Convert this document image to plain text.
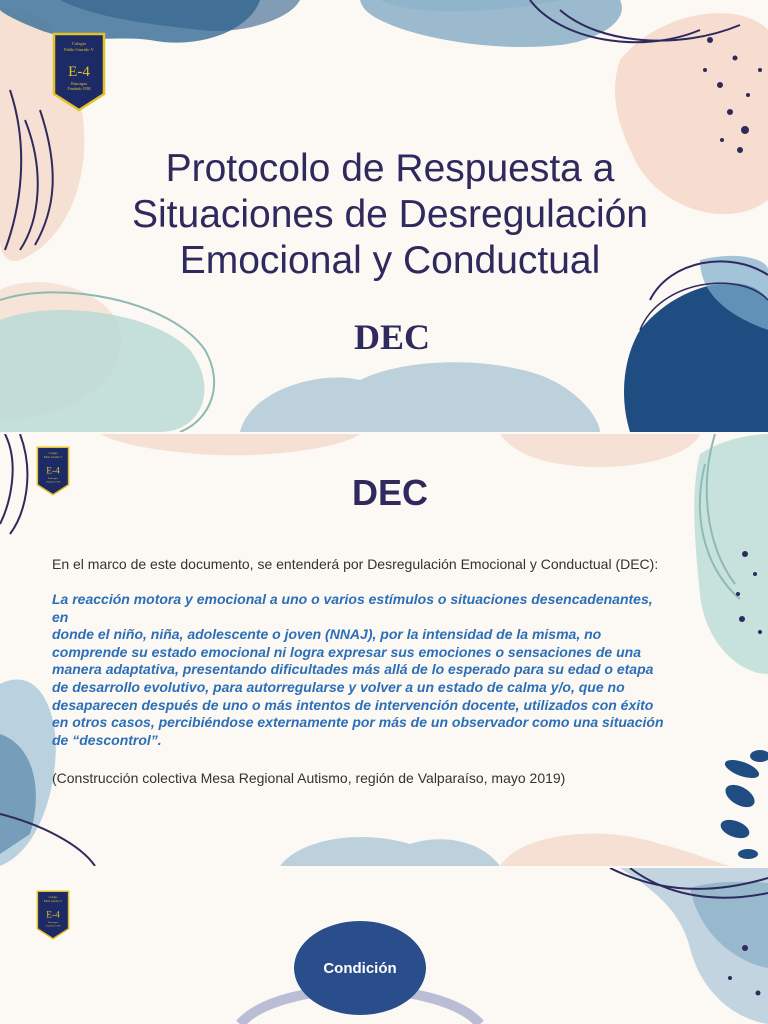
Colegio
Pablo Garrido V
E-4
Rancagua
Fundado 1938
Protocolo de Respuesta a
Situaciones de Desregulación
Emocional y Conductual
DEC
Colegio
Pablo Garrido V
E-4
Rancagua
Fundado 1938	DEC
En el marco de este documento, se entenderá por Desregulación Emocional y Conductual (DEC):
La reacción motora y emocional a uno o varios estímulos o situaciones desencadenantes,
en
donde el niño, niña, adolescente o joven (NNAJ), por la intensidad de la misma, no
comprende su estado emocional ni logra expresar sus emociones o sensaciones de una
manera adaptativa, presentando dificultades más allá de lo esperado para su edad o etapa
de desarrollo evolutivo, para autorregularse y volver a un estado de calma y/o, que no
desaparecen después de uno o más intentos de intervención docente, utilizados con éxito
en otros casos, percibiéndose externamente por más de un observador como una situación
de “descontrol”.
(Construcción colectiva Mesa Regional Autismo, región de Valparaíso, mayo 2019)
Colegio
Pablo Garrido V
E-4
Rancagua
Fundado 1938
Condición
